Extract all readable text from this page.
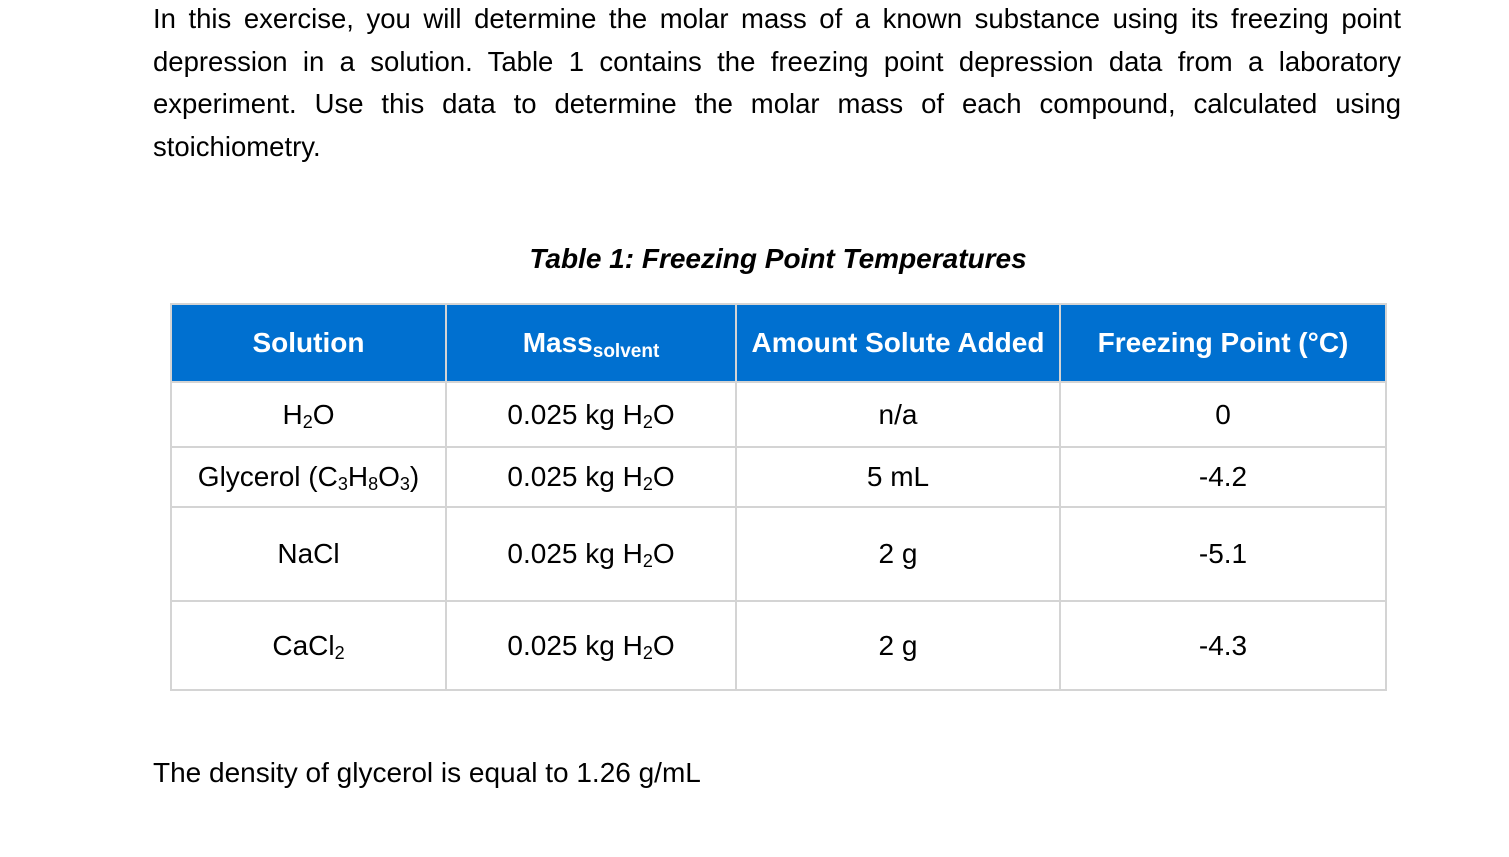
In this exercise, you will determine the molar mass of a known substance using its freezing point depression in a solution. Table 1 contains the freezing point depression data from a laboratory experiment. Use this data to determine the molar mass of each compound, calculated using stoichiometry.

Table 1: Freezing Point Temperatures

Solution	Masssolvent	Amount Solute Added	Freezing Point (°C)
$H_2O$	0.025 kg $H_2O$	n/a	0
Glycerol $(C_3H_8O_3)$	0.025 kg $H_2O$	5 mL	-4.2
NaCl	0.025 kg $H_2O$	2 g	-5.1
CaCl$_2$	0.025 kg $H_2O$	2 g	-4.3

The density of glycerol is equal to 1.26 g/mL
